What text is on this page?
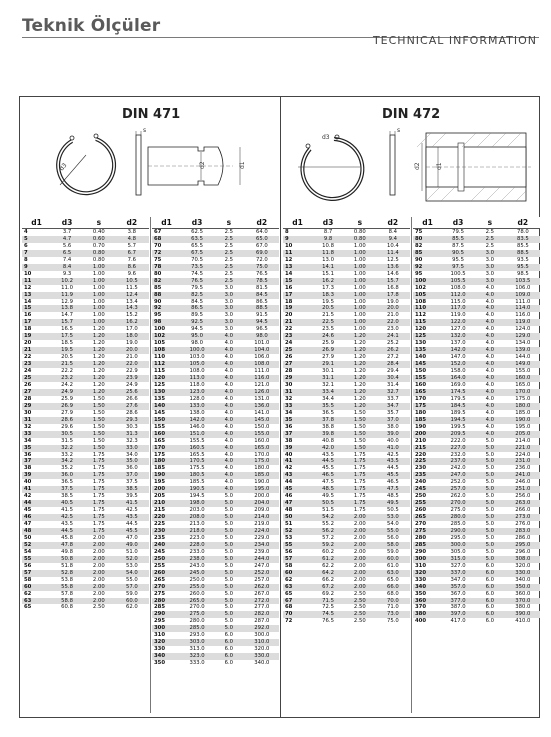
Teknik Ölçüler
TECHNICAL INFORMATION
DIN 471
d3
s
d2	d1
DIN 472
d3
s
d1
d2
d1	d3	s	d2
4	3.7	0.40	3.8
5	4.7	0.60	4.8
6	5.6	0.70	5.7
7	6.5	0.80	6.7
8	7.4	0.80	7.6
9	8.4	1.00	8.6
10	9.3	1.00	9.6
11	10.2	1.00	10.5
12	11.0	1.00	11.5
13	11.9	1.00	12.4
14	12.9	1.00	13.4
15	13.8	1.00	14.3
16	14.7	1.00	15.2
17	15.7	1.00	16.2
18	16.5	1.20	17.0
19	17.5	1.20	18.0
20	18.5	1.20	19.0
21	19.5	1.20	20.0
22	20.5	1.20	21.0
23	21.5	1.20	22.0
24	22.2	1.20	22.9
25	23.2	1.20	23.9
26	24.2	1.20	24.9
27	24.9	1.20	25.6
28	25.9	1.50	26.6
29	26.9	1.50	27.6
30	27.9	1.50	28.6
31	28.6	1.50	29.3
32	29.6	1.50	30.3
33	30.5	1.50	31.3
34	31.5	1.50	32.3
35	32.2	1.50	33.0
36	33.2	1.75	34.0
37	34.2	1.75	35.0
38	35.2	1.75	36.0
39	36.0	1.75	37.0
40	36.5	1.75	37.5
41	37.5	1.75	38.5
42	38.5	1.75	39.5
44	40.5	1.75	41.5
45	41.5	1.75	42.5
46	42.5	1.75	43.5
47	43.5	1.75	44.5
48	44.5	1.75	45.5
50	45.8	2.00	47.0
52	47.8	2.00	49.0
54	49.8	2.00	51.0
55	50.8	2.00	52.0
56	51.8	2.00	53.0
57	52.8	2.00	54.0
58	53.8	2.00	55.0
60	55.8	2.00	57.0
62	57.8	2.00	59.0
63	58.8	2.00	60.0
65	60.8	2.50	62.0
d1	d3	s	d2
67	62.5	2.5	64.0
68	63.5	2.5	65.0
70	65.5	2.5	67.0
72	67.5	2.5	69.0
75	70.5	2.5	72.0
78	73.5	2.5	75.0
80	74.5	2.5	76.5
82	76.5	2.5	78.5
85	79.5	3.0	81.5
88	82.5	3.0	84.5
90	84.5	3.0	86.5
92	86.5	3.0	88.5
95	89.5	3.0	91.5
98	92.5	3.0	94.5
100	94.5	3.0	96.5
102	95.0	4.0	98.0
105	98.0	4.0	101.0
108	100.0	4.0	104.0
110	103.0	4.0	106.0
112	105.0	4.0	108.0
115	108.0	4.0	111.0
120	113.0	4.0	116.0
125	118.0	4.0	121.0
130	123.0	4.0	126.0
135	128.0	4.0	131.0
140	133.0	4.0	136.0
145	138.0	4.0	141.0
150	142.0	4.0	145.0
155	146.0	4.0	150.0
160	151.0	4.0	155.0
165	155.5	4.0	160.0
170	160.5	4.0	165.0
175	165.5	4.0	170.0
180	170.5	4.0	175.0
185	175.5	4.0	180.0
190	180.5	4.0	185.0
195	185.5	4.0	190.0
200	190.5	4.0	195.0
205	194.5	5.0	200.0
210	198.0	5.0	204.0
215	203.0	5.0	209.0
220	208.0	5.0	214.0
225	213.0	5.0	219.0
230	218.0	5.0	224.0
235	223.0	5.0	229.0
240	228.0	5.0	234.0
245	233.0	5.0	239.0
250	238.0	5.0	244.0
255	243.0	5.0	247.0
260	245.0	5.0	252.0
265	250.0	5.0	257.0
270	255.0	5.0	262.0
275	260.0	5.0	267.0
280	265.0	5.0	272.0
285	270.0	5.0	277.0
290	275.0	5.0	282.0
295	280.0	5.0	287.0
300	285.0	5.0	292.0
310	293.0	6.0	300.0
320	303.0	6.0	310.0
330	313.0	6.0	320.0
340	323.0	6.0	330.0
350	333.0	6.0	340.0
d1	d3	s	d2
8	8.7	0.80	8.4
9	9.8	0.80	9.4
10	10.8	1.00	10.4
11	11.8	1.00	11.4
12	13.0	1.00	12.5
13	14.1	1.00	13.6
14	15.1	1.00	14.6
15	16.2	1.00	15.7
16	17.3	1.00	16.8
17	18.3	1.00	17.8
18	19.5	1.00	19.0
19	20.5	1.00	20.0
20	21.5	1.00	21.0
21	22.5	1.00	22.0
22	23.5	1.00	23.0
23	24.6	1.20	24.1
24	25.9	1.20	25.2
25	26.9	1.20	26.2
26	27.9	1.20	27.2
27	29.1	1.20	28.4
28	30.1	1.20	29.4
29	31.1	1.20	30.4
30	32.1	1.20	31.4
31	33.4	1.20	32.7
32	34.4	1.20	33.7
33	35.5	1.20	34.7
34	36.5	1.50	35.7
35	37.8	1.50	37.0
36	38.8	1.50	38.0
37	39.8	1.50	39.0
38	40.8	1.50	40.0
39	42.0	1.50	41.0
40	43.5	1.75	42.5
41	44.5	1.75	43.5
42	45.5	1.75	44.5
43	46.5	1.75	45.5
44	47.5	1.75	46.5
45	48.5	1.75	47.5
46	49.5	1.75	48.5
47	50.5	1.75	49.5
48	51.5	1.75	50.5
50	54.2	2.00	53.0
51	55.2	2.00	54.0
52	56.2	2.00	55.0
53	57.2	2.00	56.0
55	59.2	2.00	58.0
56	60.2	2.00	59.0
57	61.2	2.00	60.0
58	62.2	2.00	61.0
60	64.2	2.00	63.0
62	66.2	2.00	65.0
63	67.2	2.00	66.0
65	69.2	2.50	68.0
67	71.5	2.50	70.0
68	72.5	2.50	71.0
70	74.5	2.50	73.0
72	76.5	2.50	75.0
d1	d3	s	d2
75	79.5	2.5	78.0
80	85.5	2.5	83.5
82	87.5	2.5	85.5
85	90.5	3.0	88.5
90	95.5	3.0	93.5
92	97.5	3.0	95.5
95	100.5	3.0	98.5
100	105.5	3.0	103.5
102	108.0	4.0	106.0
105	112.0	4.0	109.0
108	115.0	4.0	111.0
110	117.0	4.0	114.0
112	119.0	4.0	116.0
115	122.0	4.0	119.0
120	127.0	4.0	124.0
125	132.0	4.0	129.0
130	137.0	4.0	134.0
135	142.0	4.0	139.0
140	147.0	4.0	144.0
145	152.0	4.0	149.0
150	158.0	4.0	155.0
155	164.0	4.0	160.0
160	169.0	4.0	165.0
165	174.5	4.0	170.0
170	179.5	4.0	175.0
175	184.5	4.0	180.0
180	189.5	4.0	185.0
185	194.5	4.0	190.0
190	199.5	4.0	195.0
200	209.5	4.0	205.0
210	222.0	5.0	214.0
215	227.0	5.0	221.0
220	232.0	5.0	224.0
225	237.0	5.0	231.0
230	242.0	5.0	236.0
235	247.0	5.0	241.0
240	252.0	5.0	246.0
245	257.0	5.0	251.0
250	262.0	5.0	256.0
255	270.0	5.0	263.0
260	275.0	5.0	266.0
265	280.0	5.0	273.0
270	285.0	5.0	276.0
275	290.0	5.0	283.0
280	295.0	5.0	286.0
285	300.0	5.0	295.0
290	305.0	5.0	296.0
300	315.0	5.0	308.0
310	327.0	6.0	320.0
320	337.0	6.0	330.0
330	347.0	6.0	340.0
340	357.0	6.0	350.0
350	367.0	6.0	360.0
360	377.0	6.0	370.0
370	387.0	6.0	380.0
380	397.0	6.0	390.0
400	417.0	6.0	410.0
